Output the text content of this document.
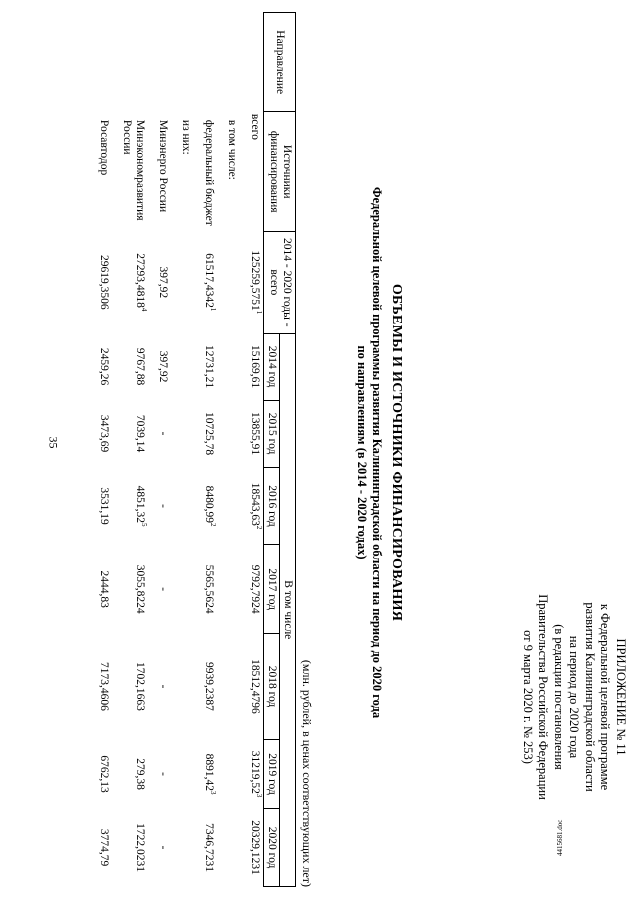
35
4415681.doc
ПРИЛОЖЕНИЕ № 11
к Федеральной целевой программе
развития Калининградской области
на период до 2020 года
(в редакции постановления
Правительства Российской Федерации
от 9 марта 2020 г. № 253)
ОБЪЕМЫ И ИСТОЧНИКИ ФИНАНСИРОВАНИЯ
Федеральной целевой программы развития Калининградской области на период до 2020 года
по направлениям (в 2014 - 2020 годах)
(млн. рублей, в ценах соответствующих лет)
Направление	Источники финансирования	2014 - 2020 годы - всего	В том числе						
			2014 год	2015 год	2016 год	2017 год	2018 год	2019 год	2020 год
	всего	125259,5751$^1$	15169,61	13855,91	18543,63$^2$	9792,7924	18512,4796	31219,52$^3$	20329,1231

	в том числе:								

	федеральный бюджет	61517,4342$^1$	12731,21	10725,78	8480,99$^2$	5565,5624	9939,2387	8891,42$^3$	7346,7231

	из них:								

	Минэнерго России	397,92	397,92	-	-	-	-	-	-

	Минэкономразвития России	27293,4818$^4$	9767,88	7039,14	4851,32$^5$	3055,8224	1702,1663	279,38	1722,0231

	Росавтодор	29619,3506	2459,26	3473,69	3531,19	2444,83	7173,4606	6762,13	3774,79
